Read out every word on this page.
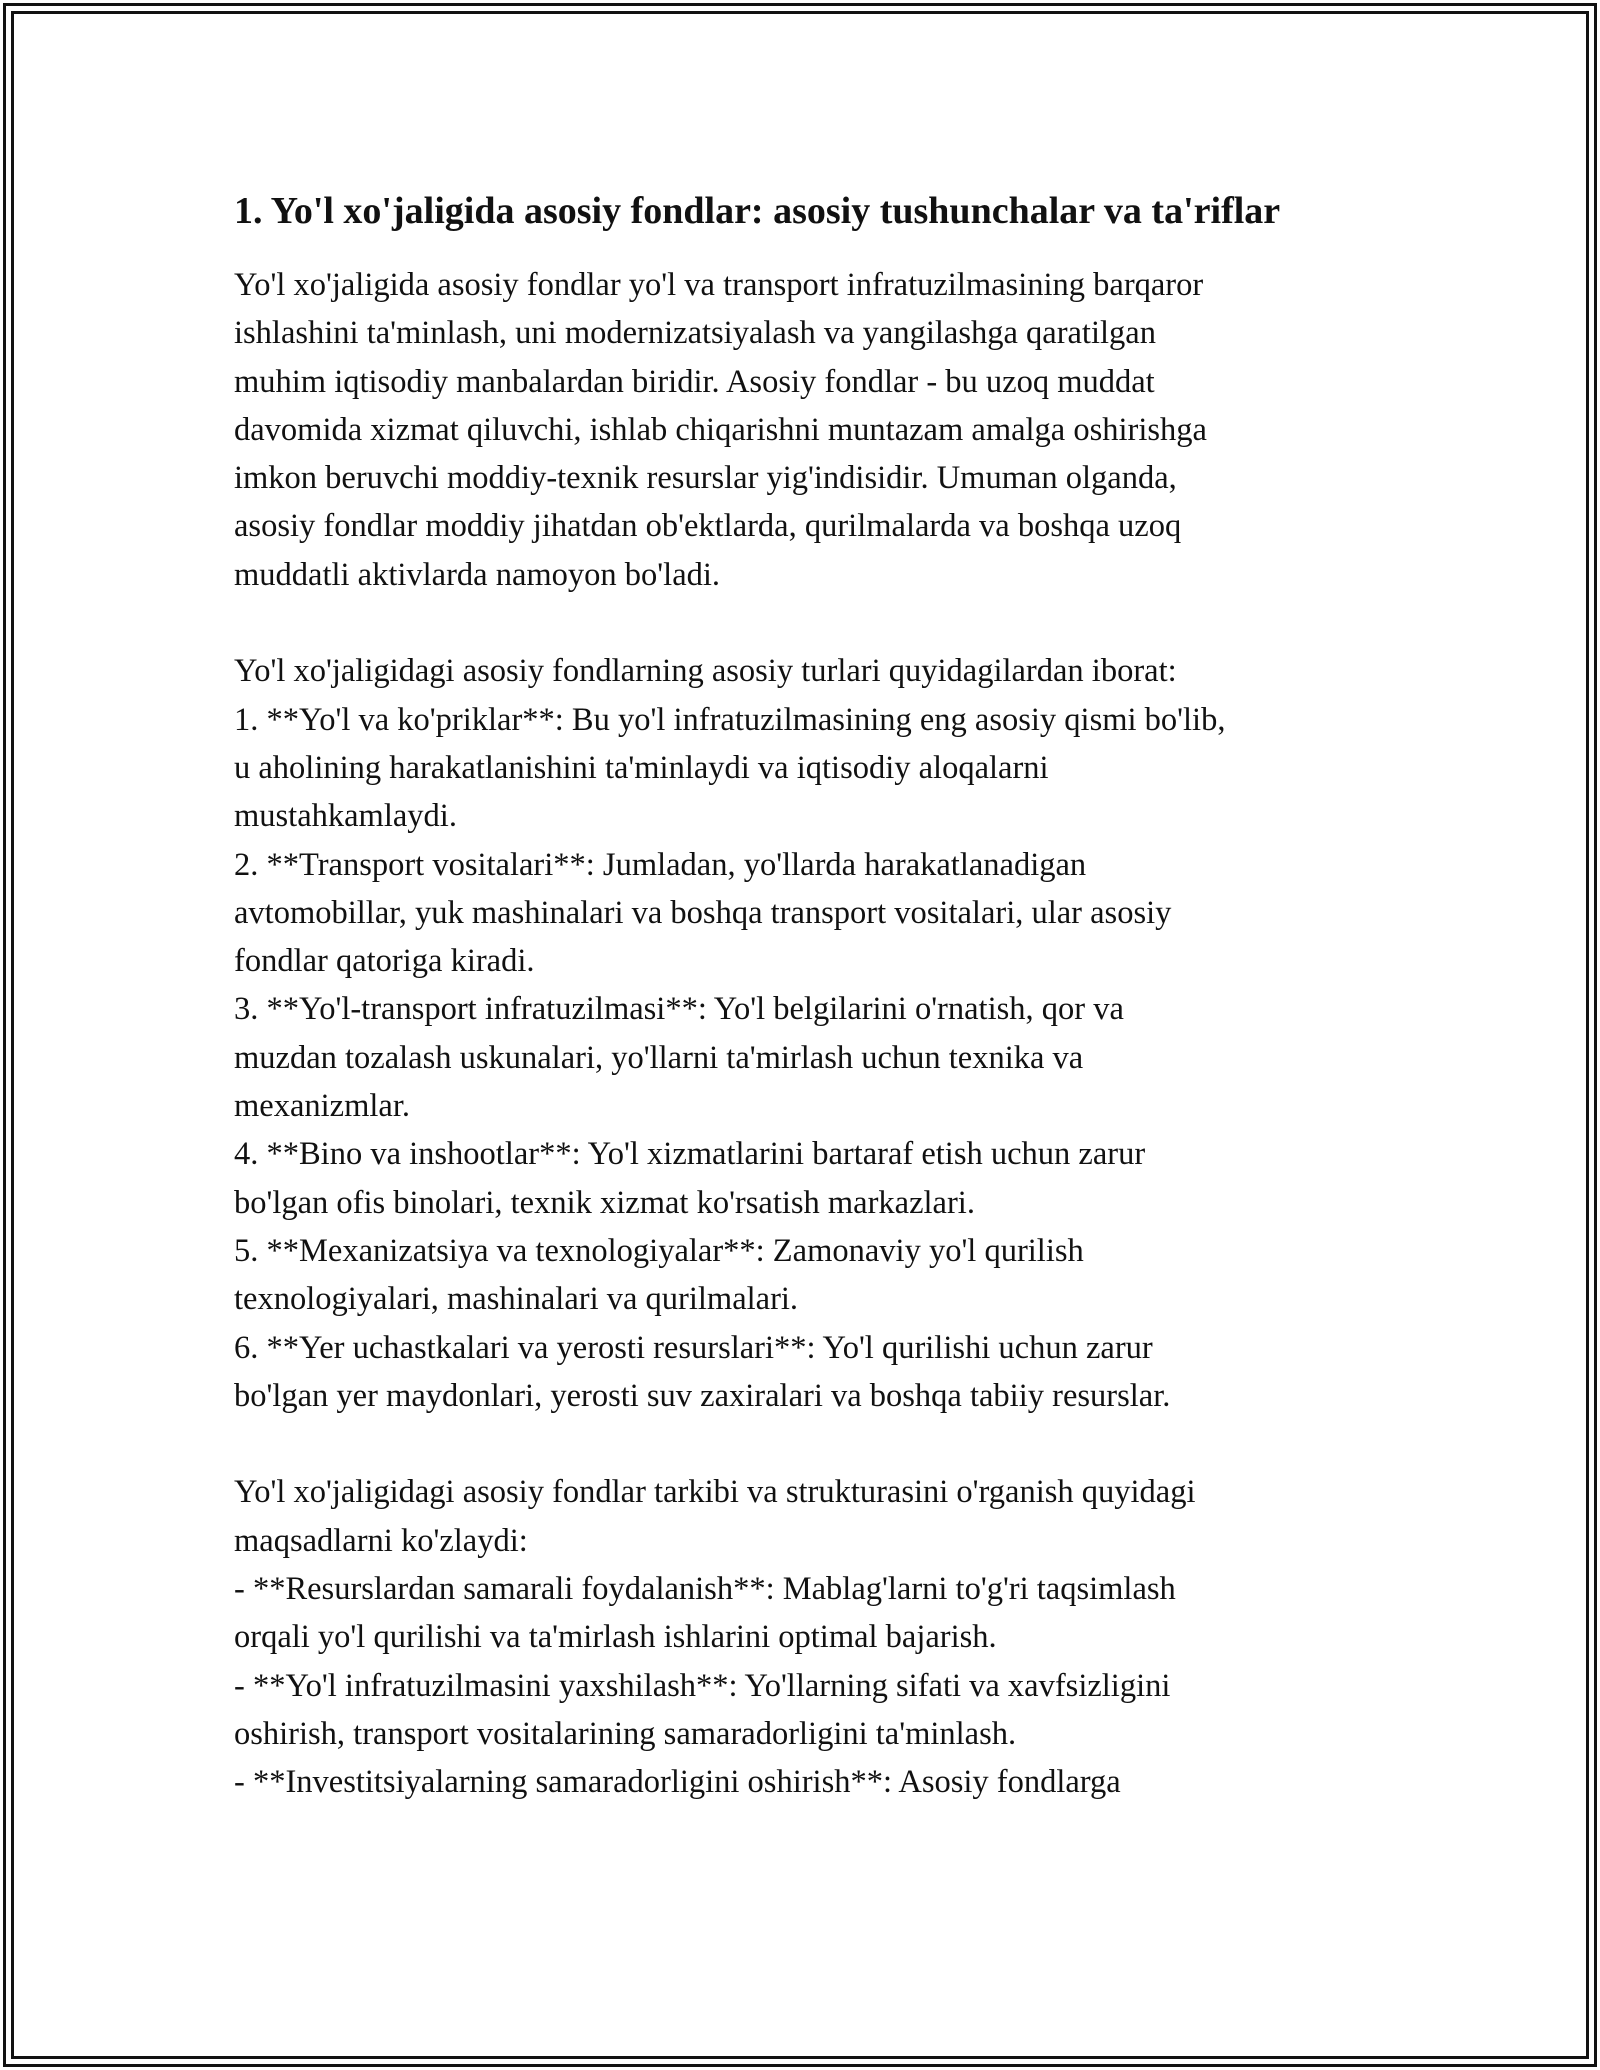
1. Yo'l xo'jaligida asosiy fondlar: asosiy tushunchalar va ta'riflar
Yo'l xo'jaligida asosiy fondlar yo'l va transport infratuzilmasining barqaror
ishlashini ta'minlash, uni modernizatsiyalash va yangilashga qaratilgan
muhim iqtisodiy manbalardan biridir. Asosiy fondlar - bu uzoq muddat
davomida xizmat qiluvchi, ishlab chiqarishni muntazam amalga oshirishga
imkon beruvchi moddiy-texnik resurslar yig'indisidir. Umuman olganda,
asosiy fondlar moddiy jihatdan ob'ektlarda, qurilmalarda va boshqa uzoq
muddatli aktivlarda namoyon bo'ladi.
Yo'l xo'jaligidagi asosiy fondlarning asosiy turlari quyidagilardan iborat:
1. **Yo'l va ko'priklar**: Bu yo'l infratuzilmasining eng asosiy qismi bo'lib,
u aholining harakatlanishini ta'minlaydi va iqtisodiy aloqalarni
mustahkamlaydi.
2. **Transport vositalari**: Jumladan, yo'llarda harakatlanadigan
avtomobillar, yuk mashinalari va boshqa transport vositalari, ular asosiy
fondlar qatoriga kiradi.
3. **Yo'l-transport infratuzilmasi**: Yo'l belgilarini o'rnatish, qor va
muzdan tozalash uskunalari, yo'llarni ta'mirlash uchun texnika va
mexanizmlar.
4. **Bino va inshootlar**: Yo'l xizmatlarini bartaraf etish uchun zarur
bo'lgan ofis binolari, texnik xizmat ko'rsatish markazlari.
5. **Mexanizatsiya va texnologiyalar**: Zamonaviy yo'l qurilish
texnologiyalari, mashinalari va qurilmalari.
6. **Yer uchastkalari va yerosti resurslari**: Yo'l qurilishi uchun zarur
bo'lgan yer maydonlari, yerosti suv zaxiralari va boshqa tabiiy resurslar.
Yo'l xo'jaligidagi asosiy fondlar tarkibi va strukturasini o'rganish quyidagi
maqsadlarni ko'zlaydi:
- **Resurslardan samarali foydalanish**: Mablag'larni to'g'ri taqsimlash
orqali yo'l qurilishi va ta'mirlash ishlarini optimal bajarish.
- **Yo'l infratuzilmasini yaxshilash**: Yo'llarning sifati va xavfsizligini
oshirish, transport vositalarining samaradorligini ta'minlash.
- **Investitsiyalarning samaradorligini oshirish**: Asosiy fondlarga
